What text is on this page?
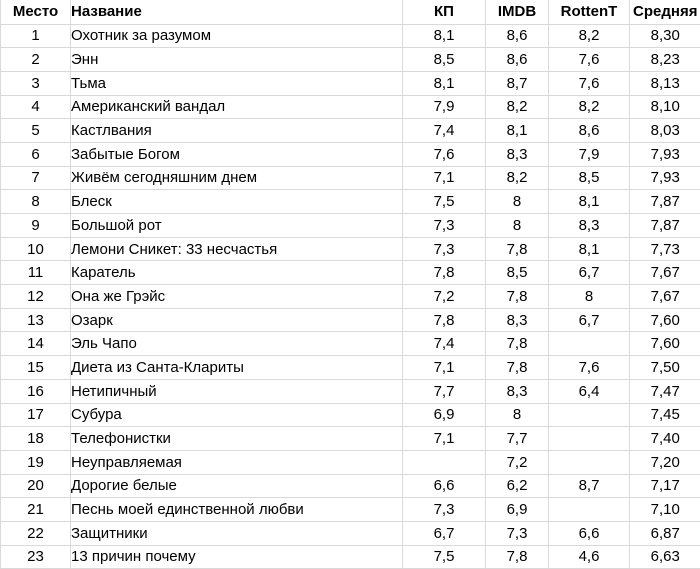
Место	Название	КП	IMDB	RottenT	Средняя
1	Охотник за разумом	8,1	8,6	8,2	8,30
2	Энн	8,5	8,6	7,6	8,23
3	Тьма	8,1	8,7	7,6	8,13
4	Американский вандал	7,9	8,2	8,2	8,10
5	Кастлвания	7,4	8,1	8,6	8,03
6	Забытые Богом	7,6	8,3	7,9	7,93
7	Живём сегодняшним днем	7,1	8,2	8,5	7,93
8	Блеск	7,5	8	8,1	7,87
9	Большой рот	7,3	8	8,3	7,87
10	Лемони Сникет: 33 несчастья	7,3	7,8	8,1	7,73
11	Каратель	7,8	8,5	6,7	7,67
12	Она же Грэйс	7,2	7,8	8	7,67
13	Озарк	7,8	8,3	6,7	7,60
14	Эль Чапо	7,4	7,8		7,60
15	Диета из Санта-Клариты	7,1	7,8	7,6	7,50
16	Нетипичный	7,7	8,3	6,4	7,47
17	Субура	6,9	8		7,45
18	Телефонистки	7,1	7,7		7,40
19	Неуправляемая		7,2		7,20
20	Дорогие белые	6,6	6,2	8,7	7,17
21	Песнь моей единственной любви	7,3	6,9		7,10
22	Защитники	6,7	7,3	6,6	6,87
23	13 причин почему	7,5	7,8	4,6	6,63
